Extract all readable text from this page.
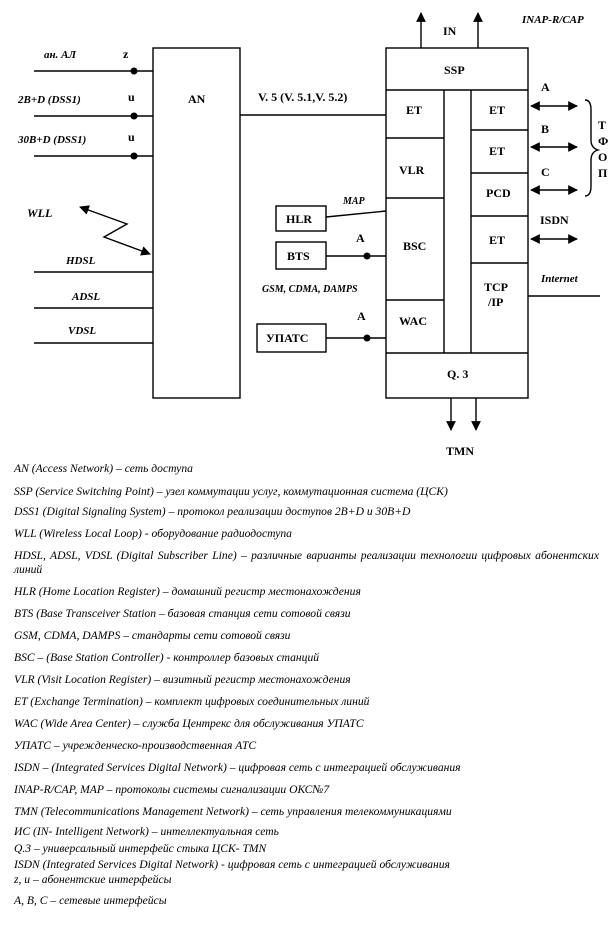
IN
INAP-R/CAP
ан. АЛ	z
2B+D (DSS1)	u
30B+D (DSS1)	u
WLL
HDSL
ADSL
VDSL
AN	V. 5 (V. 5.1,V. 5.2)
SSP
ET	ET
ET
VLR
PCD
BSC	ET
TCP
/IP
WAC
Q. 3
TMN
HLR
BTS
УПАТС
MAP
GSM, CDMA, DAMPS
A
A
A
B
C
ISDN
Internet
Т
Ф
О
П

AN (Access Network) – сеть доступа

SSP (Service Switching Point) – узел коммутации услуг, коммутационная система (ЦСК)

DSS1 (Digital Signaling System) – протокол реализации доступов 2B+D и 30B+D

WLL (Wireless Local Loop) - оборудование радиодоступа

HDSL, ADSL, VDSL (Digital Subscriber Line) – различные варианты реализации технологии цифровых абонентских линий

HLR (Home Location Register) – домашний регистр местонахождения

BTS (Base Transceiver Station – базовая станция сети сотовой связи

GSM, CDMA, DAMPS – стандарты сети сотовой связи

BSC – (Base Station Controller) - контроллер базовых станций

VLR (Visit Location Register) – визитный регистр местонахождения

ET (Exchange Termination) – комплект цифровых соединительных линий

WAC (Wide Area Center) – служба Центрекс для обслуживания УПАТС

УПАТС – учрежденческо-производственная АТС

ISDN – (Integrated Services Digital Network) – цифровая сеть с интеграцией обслуживания

INAP-R/CAP, MAP – протоколы системы сигнализации ОКС№7

TMN (Telecommunications Management Network) – сеть управления телекоммуникациями

ИС (IN- Intelligent Network) – интеллектуальная сеть

Q.3 – универсальный интерфейс стыка ЦСК- TMN

ISDN (Integrated Services Digital Network) - цифровая сеть с интеграцией обслуживания

z, u – абонентские интерфейсы

A, B, C – сетевые интерфейсы
